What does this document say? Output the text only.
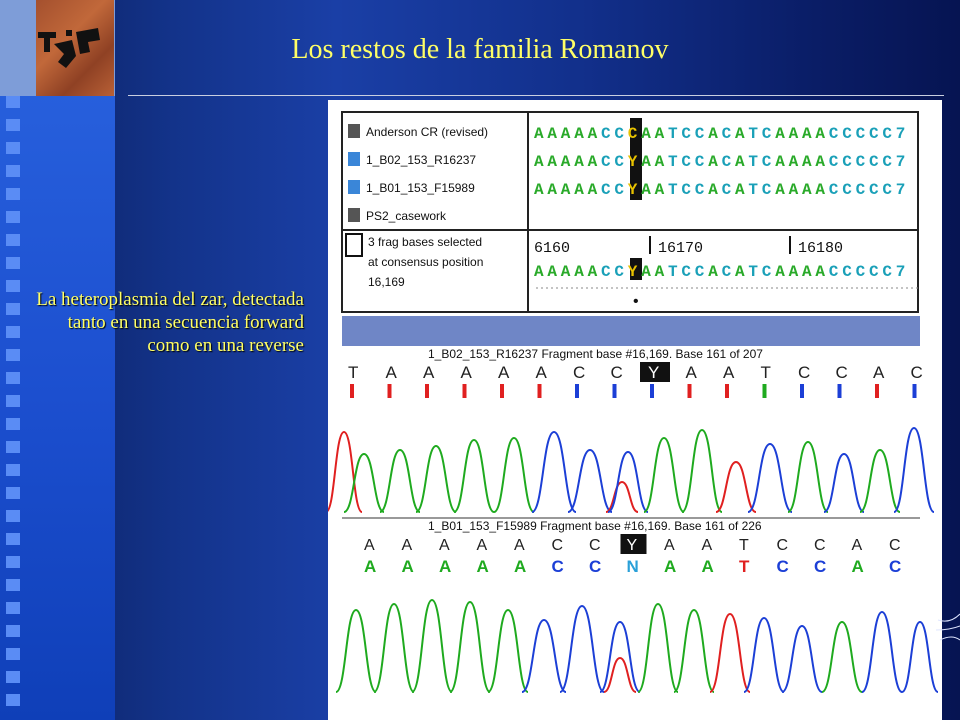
Los restos de la familia Romanov
La heteroplasmia del zar, detectada tanto en una secuencia forward como en una reverse
Anderson CR (revised)
1_B02_153_R16237
1_B01_153_F15989
PS2_casework
A A A A A C C C A A T C C A C A T C A A A A C C C C C 7
A A A A A C C Y A A T C C A C A T C A A A A C C C C C 7
A A A A A C C Y A A T C C A C A T C A A A A C C C C C 7
3 frag bases selected
at consensus position
16,169
6160	16170	16180
A A A A A C C Y A A T C C A C A T C A A A A C C C C C 7
•
1_B02_153_R16237 Fragment base #16,169. Base 161 of 207
T A A A A A C C Y A A T C C A C
1_B01_153_F15989 Fragment base #16,169. Base 161 of 226
A A A A A C C Y A A T C C A C
A A A A A C C N A A T C C A C
